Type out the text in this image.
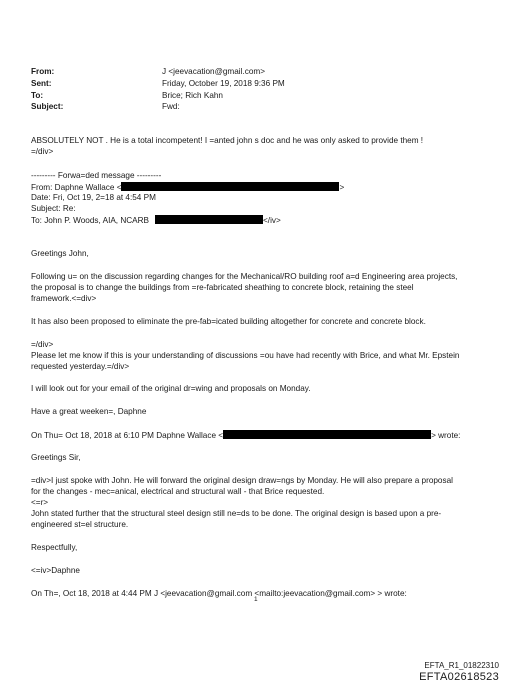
From:	J <jeevacation@gmail.com>
Sent:	Friday, October 19, 2018 9:36 PM
To:	Brice; Rich Kahn
Subject:	Fwd:
ABSOLUTELY NOT . He is a total incompetent! I =anted john s doc and he was only asked to provide them !
=/div>
--------- Forwa=ded message ---------
From: Daphne Wallace <	>
Date: Fri, Oct 19, 2=18 at 4:54 PM
Subject: Re:
To: John P. Woods, AIA, NCARB	</iv>
Greetings John,
Following u= on the discussion regarding changes for the Mechanical/RO building roof a=d Engineering area projects,
the proposal is to change the buildings from =re-fabricated sheathing to concrete block, retaining the steel
framework.<=div>
It has also been proposed to eliminate the pre-fab=icated building altogether for concrete and concrete block.
=/div>
Please let me know if this is your understanding of discussions =ou have had recently with Brice, and what Mr. Epstein
requested yesterday.=/div>
I will look out for your email of the original dr=wing and proposals on Monday.
Have a great weeken=, Daphne
On Thu= Oct 18, 2018 at 6:10 PM Daphne Wallace <	> wrote:
Greetings Sir,
=div>I just spoke with John. He will forward the original design draw=ngs by Monday. He will also prepare a proposal
for the changes - mec=anical, electrical and structural wall - that Brice requested.
<=r>
John stated further that the structural steel design still ne=ds to be done. The original design is based upon a pre-
engineered st=el structure.
Respectfully,
<=iv>Daphne
On Th=, Oct 18, 2018 at 4:44 PM J <jeevacation@gmail.com <mailto:jeevacation@gmail.com> > wrote:
1
EFTA_R1_01822310
EFTA02618523
